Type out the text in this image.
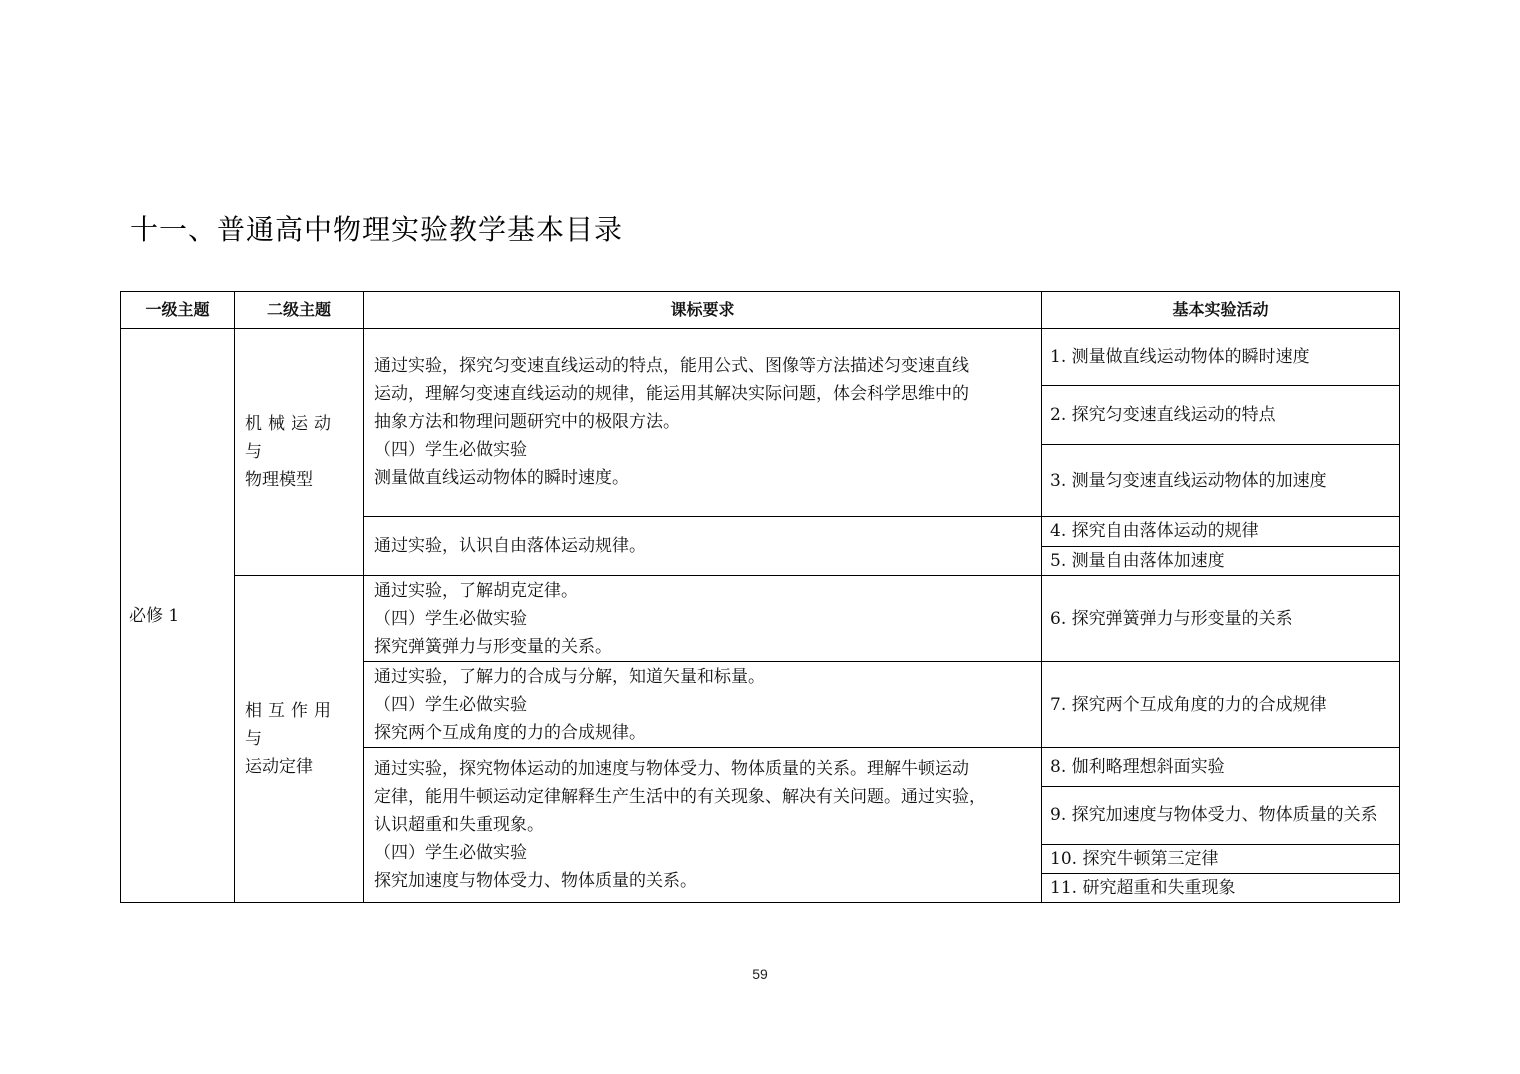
十一、普通高中物理实验教学基本目录
一级主题	二级主题	课标要求	基本实验活动
必修 1	机械运动与
物理模型	通过实验，探究匀变速直线运动的特点，能用公式、图像等方法描述匀变速直线
运动，理解匀变速直线运动的规律，能运用其解决实际问题，体会科学思维中的
抽象方法和物理问题研究中的极限方法。
（四）学生必做实验
测量做直线运动物体的瞬时速度。	1. 测量做直线运动物体的瞬时速度
			2. 探究匀变速直线运动的特点
			3. 测量匀变速直线运动物体的加速度

		通过实验，认识自由落体运动规律。	4. 探究自由落体运动的规律
			5. 测量自由落体加速度

	相互作用与
运动定律	通过实验，了解胡克定律。
（四）学生必做实验
探究弹簧弹力与形变量的关系。	6. 探究弹簧弹力与形变量的关系

		通过实验，了解力的合成与分解，知道矢量和标量。
（四）学生必做实验
探究两个互成角度的力的合成规律。	7. 探究两个互成角度的力的合成规律

		通过实验，探究物体运动的加速度与物体受力、物体质量的关系。理解牛顿运动
定律，能用牛顿运动定律解释生产生活中的有关现象、解决有关问题。通过实验，
认识超重和失重现象。
（四）学生必做实验
探究加速度与物体受力、物体质量的关系。	8. 伽利略理想斜面实验
			9. 探究加速度与物体受力、物体质量的关系
			10. 探究牛顿第三定律
			11. 研究超重和失重现象
59
